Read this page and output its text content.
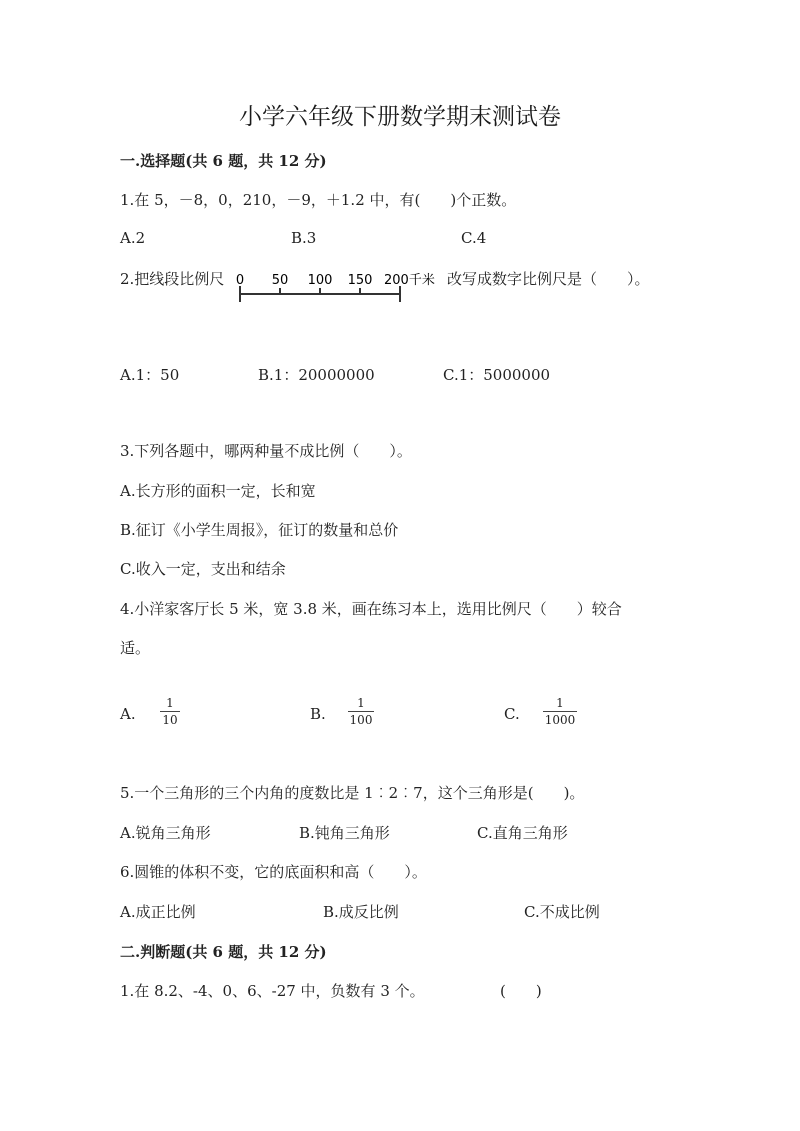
小学六年级下册数学期末测试卷
一.选择题(共 6 题，共 12 分)
1.在 5，－8，0，210，－9，＋1.2 中，有(　　)个正数。
A.2	B.3	C.4
2.把线段比例尺 0 50 100 150 200千米 改写成数字比例尺是（　　）。
A.1：50	B.1：20000000	C.1：5000000
3.下列各题中，哪两种量不成比例（　　）。
A.长方形的面积一定，长和宽
B.征订《小学生周报》，征订的数量和总价
C.收入一定，支出和结余
4.小洋家客厅长 5 米，宽 3.8 米，画在练习本上，选用比例尺（　　）较合
适。
A.
1
10	B.
1
100	C.
1
1000
5.一个三角形的三个内角的度数比是 1︰2︰7，这个三角形是(　　)。
A.锐角三角形	B.钝角三角形	C.直角三角形
6.圆锥的体积不变，它的底面积和高（　　）。
A.成正比例	B.成反比例	C.不成比例
二.判断题(共 6 题，共 12 分)
1.在 8.2、-4、0、6、-27 中，负数有 3 个。	(　　)
